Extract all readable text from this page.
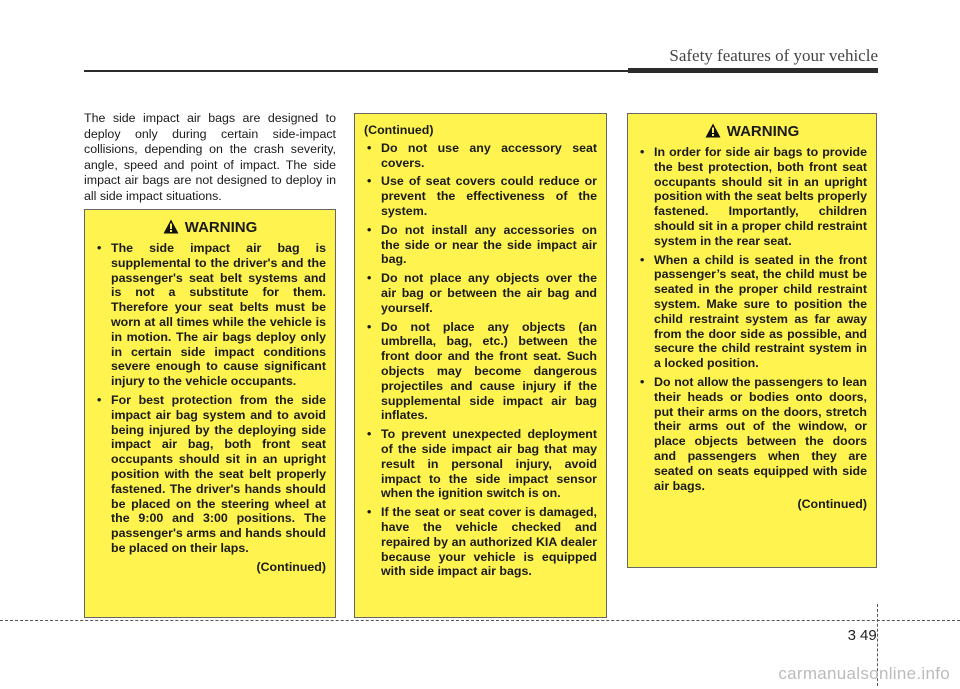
Safety features of your vehicle

The side impact air bags are designed to deploy only during certain side-impact collisions, depending on the crash severity, angle, speed and point of impact. The side impact air bags are not designed to deploy in all side impact situations.

WARNING
• The side impact air bag is supplemental to the driver's and the passenger's seat belt systems and is not a substitute for them. Therefore your seat belts must be worn at all times while the vehicle is in motion. The air bags deploy only in certain side impact conditions severe enough to cause significant injury to the vehicle occupants.
• For best protection from the side impact air bag system and to avoid being injured by the deploying side impact air bag, both front seat occupants should sit in an upright position with the seat belt properly fastened. The driver's hands should be placed on the steering wheel at the 9:00 and 3:00 positions. The passenger's arms and hands should be placed on their laps.
(Continued)
(Continued)
• Do not use any accessory seat covers.
• Use of seat covers could reduce or prevent the effectiveness of the system.
• Do not install any accessories on the side or near the side impact air bag.
• Do not place any objects over the air bag or between the air bag and yourself.
• Do not place any objects (an umbrella, bag, etc.) between the front door and the front seat. Such objects may become dangerous projectiles and cause injury if the supplemental side impact air bag inflates.
• To prevent unexpected deployment of the side impact air bag that may result in personal injury, avoid impact to the side impact sensor when the ignition switch is on.
• If the seat or seat cover is damaged, have the vehicle checked and repaired by an authorized KIA dealer because your vehicle is equipped with side impact air bags.
WARNING
• In order for side air bags to provide the best protection, both front seat occupants should sit in an upright position with the seat belts properly fastened. Importantly, children should sit in a proper child restraint system in the rear seat.
• When a child is seated in the front passenger’s seat, the child must be seated in the proper child restraint system. Make sure to position the child restraint system as far away from the door side as possible, and secure the child restraint system in a locked position.
• Do not allow the passengers to lean their heads or bodies onto doors, put their arms on the doors, stretch their arms out of the window, or place objects between the doors and passengers when they are seated on seats equipped with side air bags.
(Continued)
3 49
carmanualsonline.info
